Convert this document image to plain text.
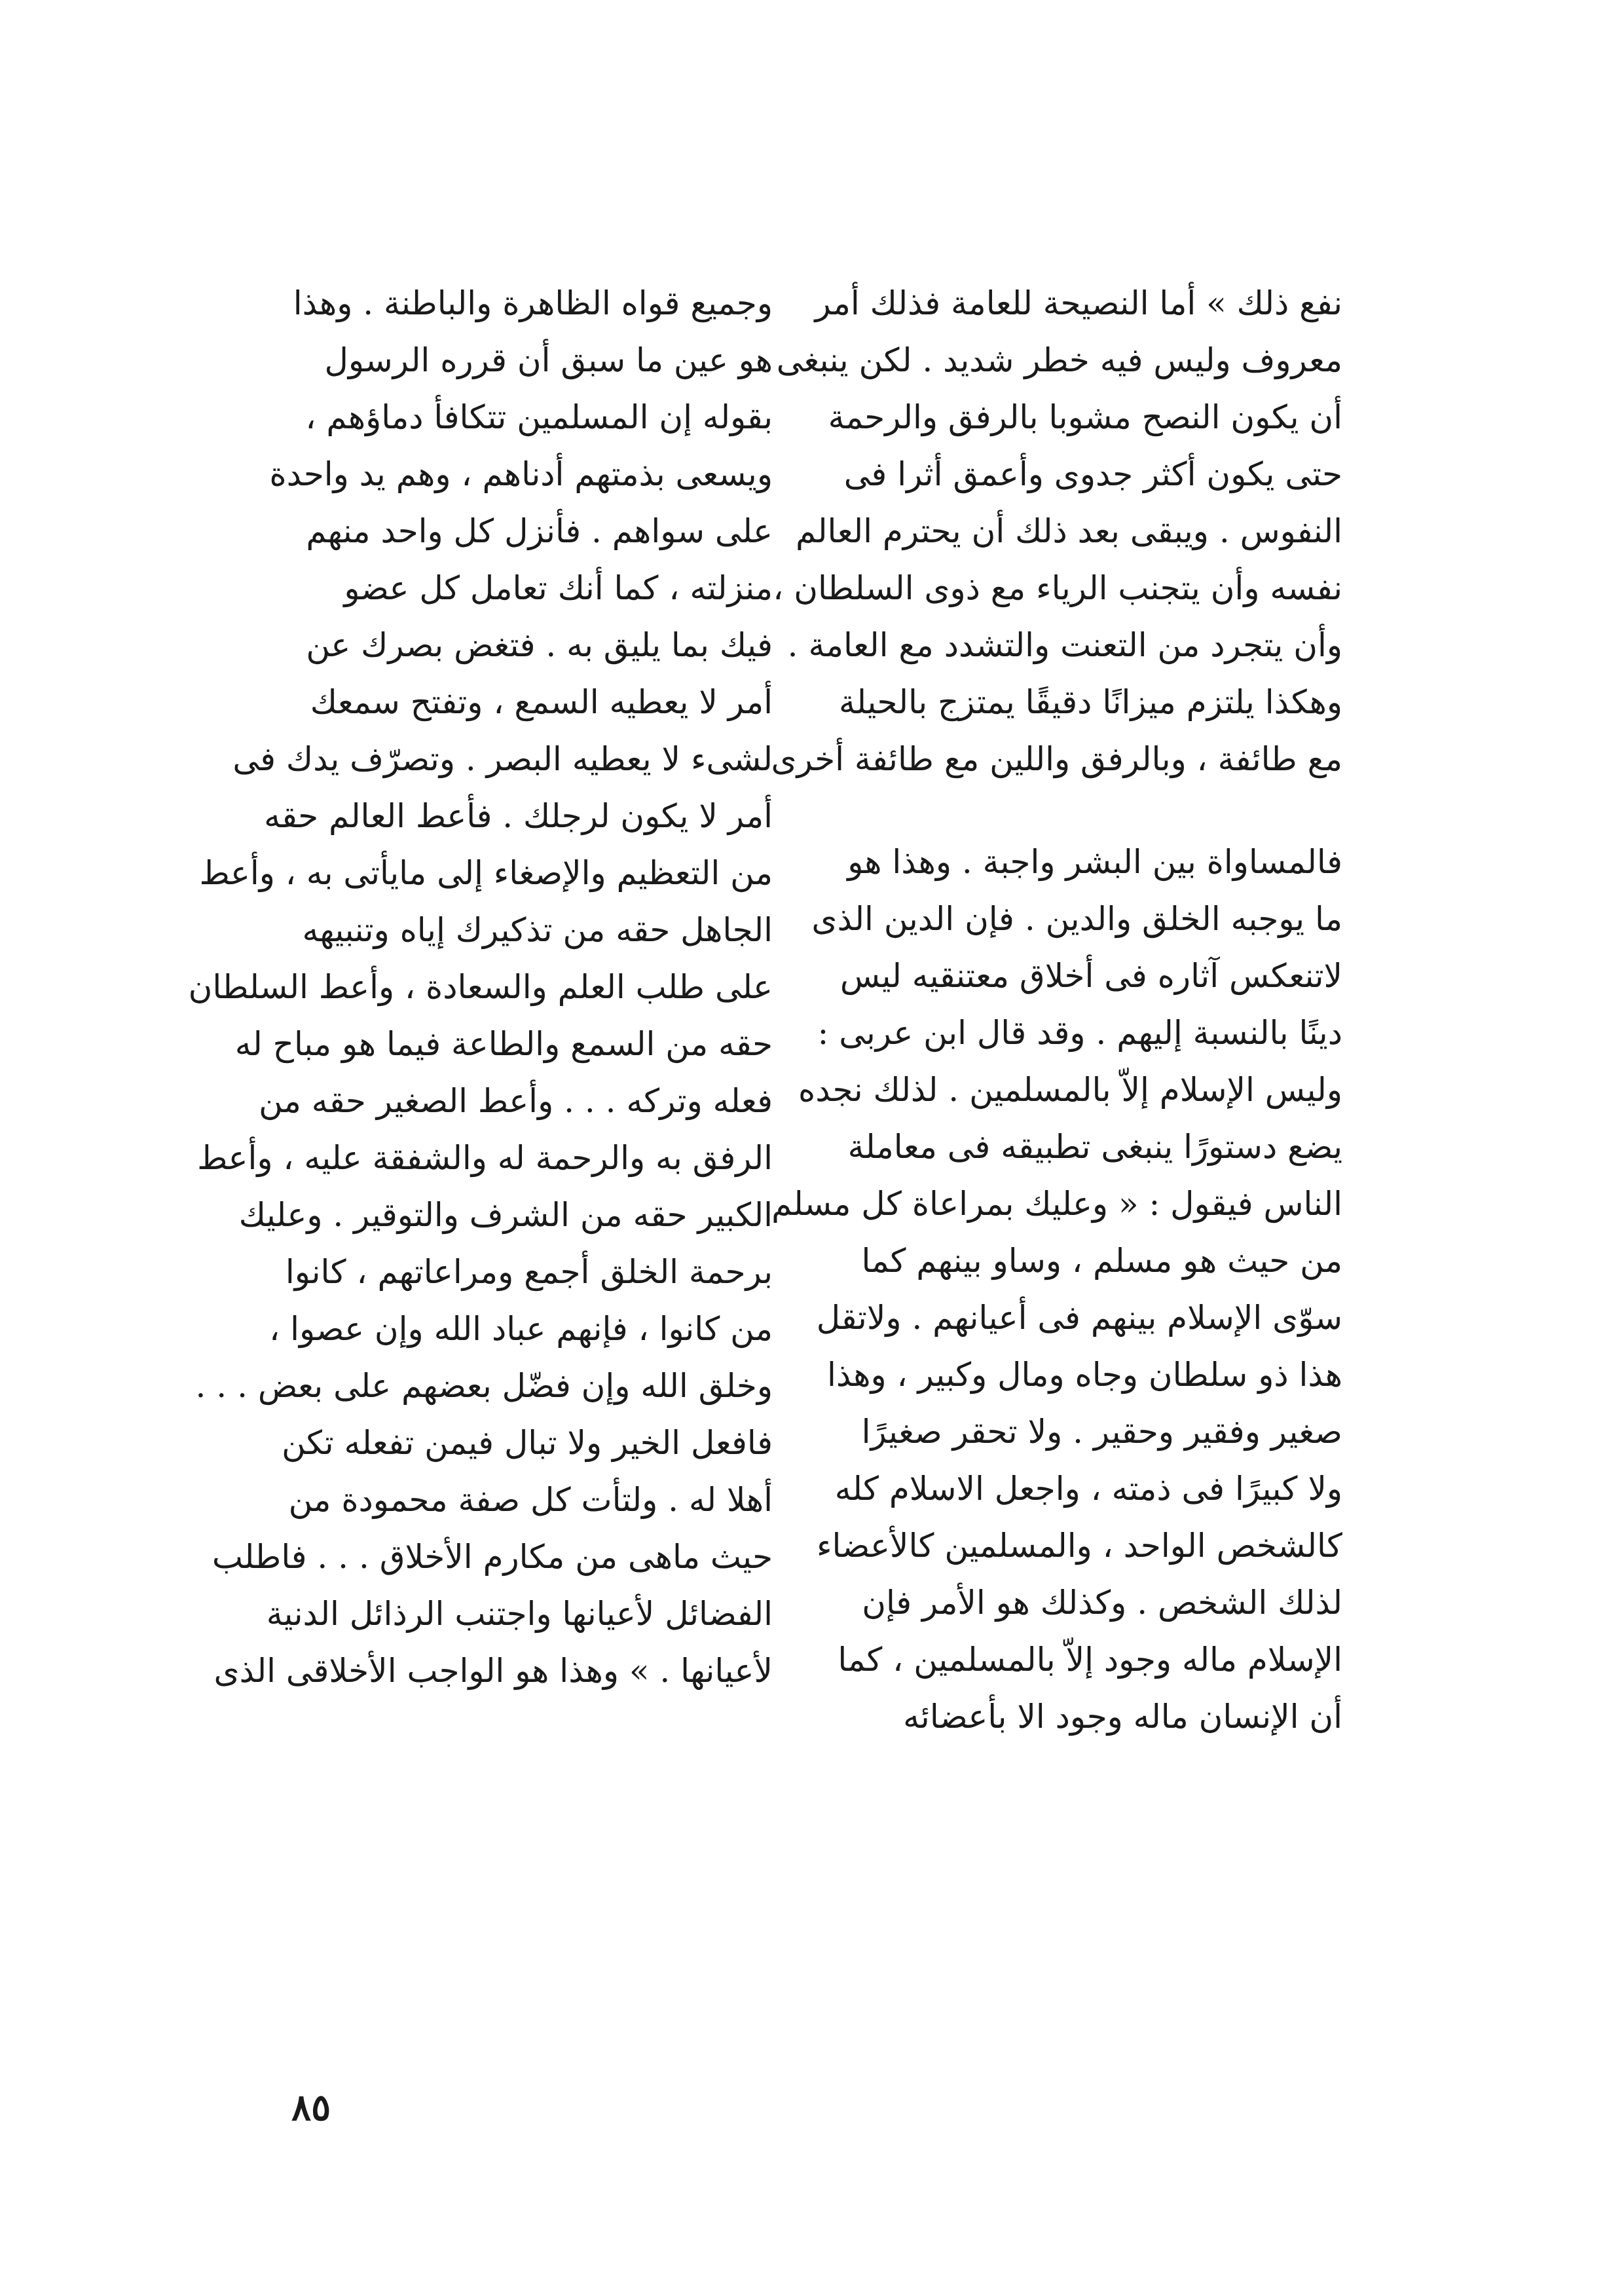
نفع ذلك » أما النصيحة للعامة فذلك أمر
معروف وليس فيه خطر شديد . لكن ينبغى
أن يكون النصح مشوبا بالرفق والرحمة
حتى يكون أكثر جدوى وأعمق أثرا فى
النفوس . ويبقى بعد ذلك أن يحترم العالم
نفسه وأن يتجنب الرياء مع ذوى السلطان ،
وأن يتجرد من التعنت والتشدد مع العامة .
وهكذا يلتزم ميزانًا دقيقًا يمتزج بالحيلة
مع طائفة ، وبالرفق واللين مع طائفة أخرى .
فالمساواة بين البشر واجبة . وهذا هو
ما يوجبه الخلق والدين . فإن الدين الذى
لاتنعكس آثاره فى أخلاق معتنقيه ليس
دينًا بالنسبة إليهم . وقد قال ابن عربى :
وليس الإسلام إلاّ بالمسلمين . لذلك نجده
يضع دستورًا ينبغى تطبيقه فى معاملة
الناس فيقول : « وعليك بمراعاة كل مسلم
من حيث هو مسلم ، وساو بينهم كما
سوّى الإسلام بينهم فى أعيانهم . ولاتقل
هذا ذو سلطان وجاه ومال وكبير ، وهذا
صغير وفقير وحقير . ولا تحقر صغيرًا
ولا كبيرًا فى ذمته ، واجعل الاسلام كله
كالشخص الواحد ، والمسلمين كالأعضاء
لذلك الشخص . وكذلك هو الأمر فإن
الإسلام ماله وجود إلاّ بالمسلمين ، كما
أن الإنسان ماله وجود الا بأعضائه
وجميع قواه الظاهرة والباطنة . وهذا
هو عين ما سبق أن قرره الرسول
بقوله إن المسلمين تتكافأ دماؤهم ،
ويسعى بذمتهم أدناهم ، وهم يد واحدة
على سواهم . فأنزل كل واحد منهم
منزلته ، كما أنك تعامل كل عضو
فيك بما يليق به . فتغض بصرك عن
أمر لا يعطيه السمع ، وتفتح سمعك
لشىء لا يعطيه البصر . وتصرّف يدك فى
أمر لا يكون لرجلك . فأعط العالم حقه
من التعظيم والإصغاء إلى مايأتى به ، وأعط
الجاهل حقه من تذكيرك إياه وتنبيهه
على طلب العلم والسعادة ، وأعط السلطان
حقه من السمع والطاعة فيما هو مباح له
فعله وتركه . . . وأعط الصغير حقه من
الرفق به والرحمة له والشفقة عليه ، وأعط
الكبير حقه من الشرف والتوقير . وعليك
برحمة الخلق أجمع ومراعاتهم ، كانوا
من كانوا ، فإنهم عباد الله وإن عصوا ،
وخلق الله وإن فضّل بعضهم على بعض . . .
فافعل الخير ولا تبال فيمن تفعله تكن
أهلا له . ولتأت كل صفة محمودة من
حيث ماهى من مكارم الأخلاق . . . فاطلب
الفضائل لأعيانها واجتنب الرذائل الدنية
لأعيانها . » وهذا هو الواجب الأخلاقى الذى
٨٥
